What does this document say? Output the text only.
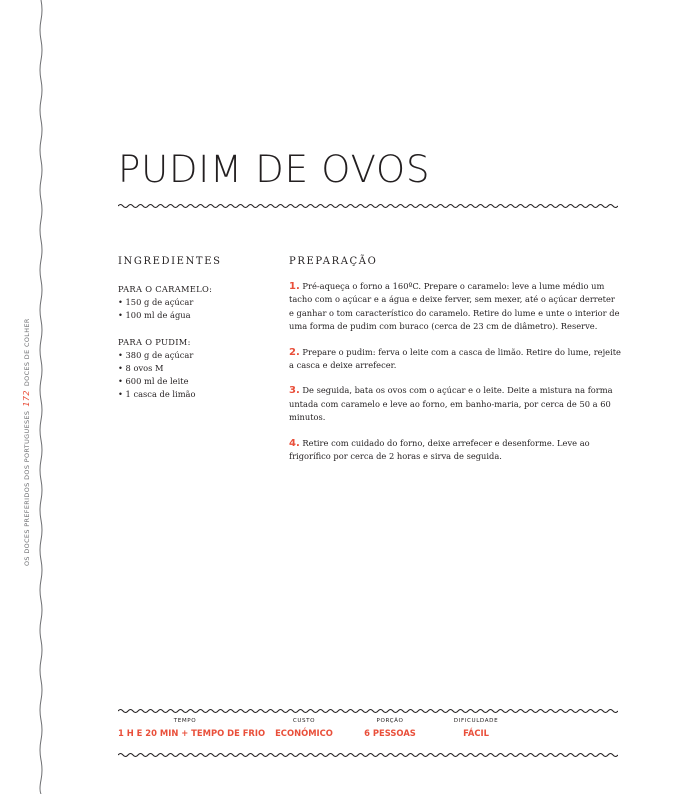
OS DOCES PREFERIDOS DOS PORTUGUESES
172
DOCES DE COLHER
PUDIM DE OVOS
INGREDIENTES	PREPARAÇÃO
PARA O CARAMELO:
• 150 g de açúcar
• 100 ml de água
PARA O PUDIM:
• 380 g de açúcar
• 8 ovos M
• 600 ml de leite
• 1 casca de limão

1. Pré-aqueça o forno a 160ºC. Prepare o caramelo: leve a lume médio um tacho com o açúcar e a água e deixe ferver, sem mexer, até o açúcar derreter e ganhar o tom característico do caramelo. Retire do lume e unte o interior de uma forma de pudim com buraco (cerca de 23 cm de diâmetro). Reserve.

2. Prepare o pudim: ferva o leite com a casca de limão. Retire do lume, rejeite a casca e deixe arrefecer.

3. De seguida, bata os ovos com o açúcar e o leite. Deite a mistura na forma untada com caramelo e leve ao forno, em banho-maria, por cerca de 50 a 60 minutos.

4. Retire com cuidado do forno, deixe arrefecer e desenforme. Leve ao frigorífico por cerca de 2 horas e sirva de seguida.

TEMPO
1 H E 20 MIN + TEMPO DE FRIO
CUSTO
ECONÓMICO
PORÇÃO
6 PESSOAS
DIFICULDADE
FÁCIL
